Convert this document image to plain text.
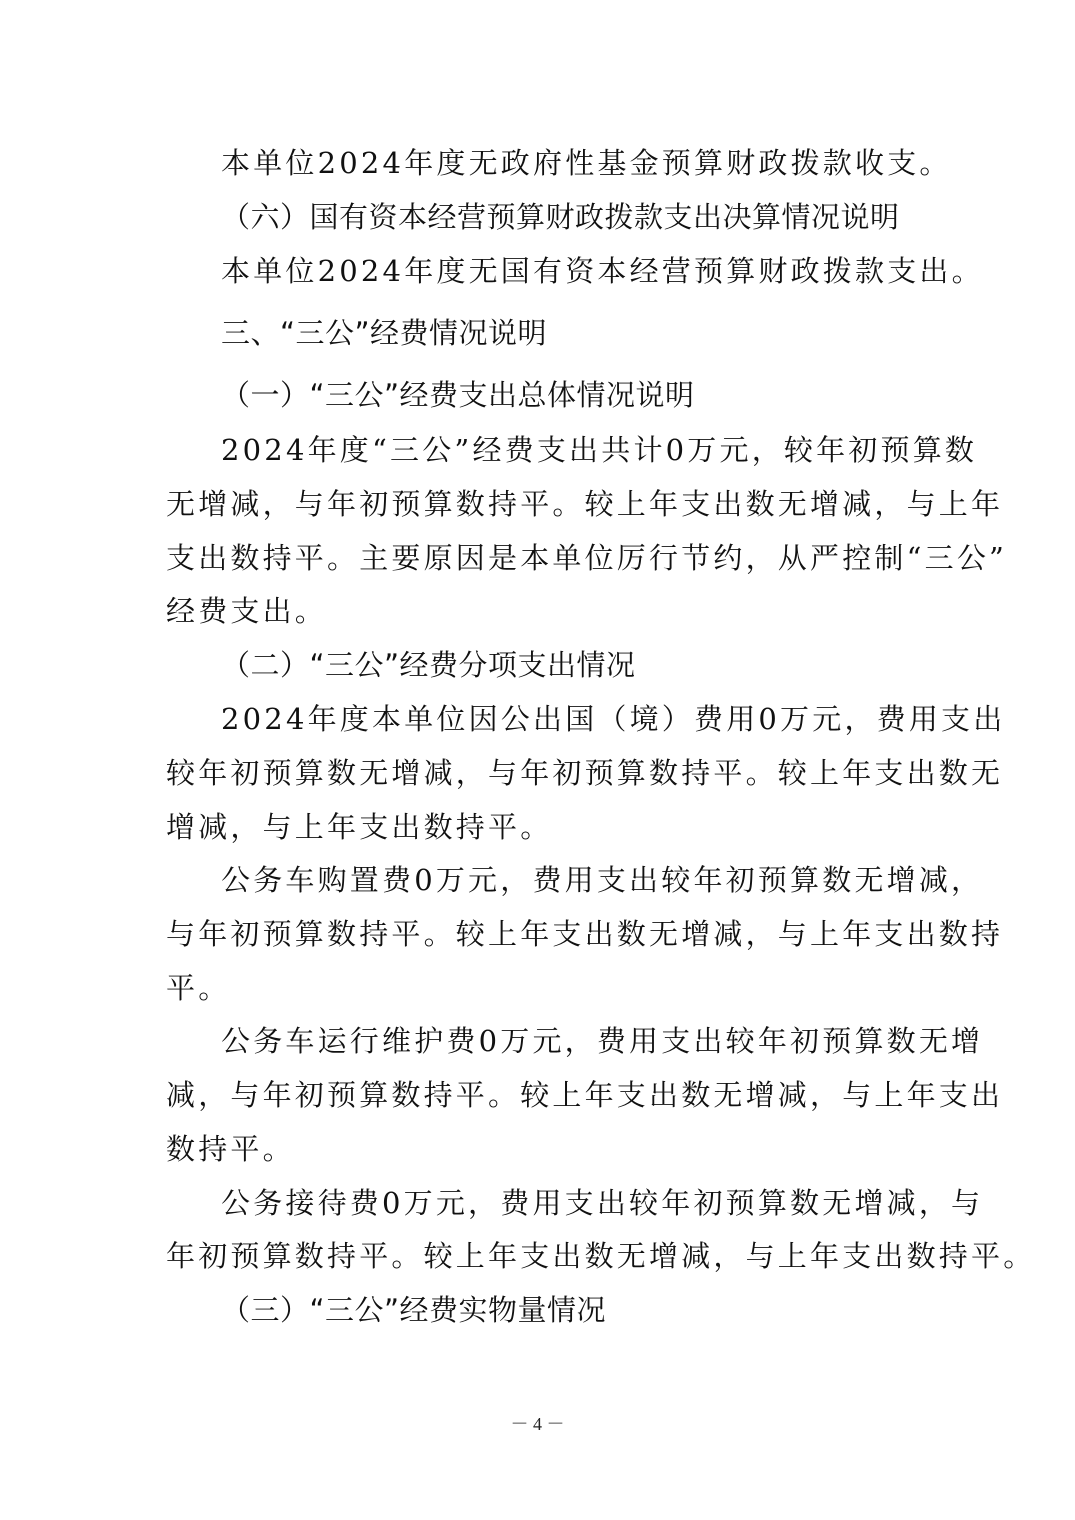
本单位2024年度无政府性基金预算财政拨款收支。
（六）国有资本经营预算财政拨款支出决算情况说明
本单位2024年度无国有资本经营预算财政拨款支出。
三、“三公”经费情况说明
（一）“三公”经费支出总体情况说明
2024年度“三公”经费支出共计0万元，较年初预算数
无增减，与年初预算数持平。较上年支出数无增减，与上年
支出数持平。主要原因是本单位厉行节约，从严控制“三公”
经费支出。
（二）“三公”经费分项支出情况
2024年度本单位因公出国（境）费用0万元，费用支出
较年初预算数无增减，与年初预算数持平。较上年支出数无
增减，与上年支出数持平。
公务车购置费0万元，费用支出较年初预算数无增减，
与年初预算数持平。较上年支出数无增减，与上年支出数持
平。
公务车运行维护费0万元，费用支出较年初预算数无增
减，与年初预算数持平。较上年支出数无增减，与上年支出
数持平。
公务接待费0万元，费用支出较年初预算数无增减，与
年初预算数持平。较上年支出数无增减，与上年支出数持平。
（三）“三公”经费实物量情况
－ 4 －
